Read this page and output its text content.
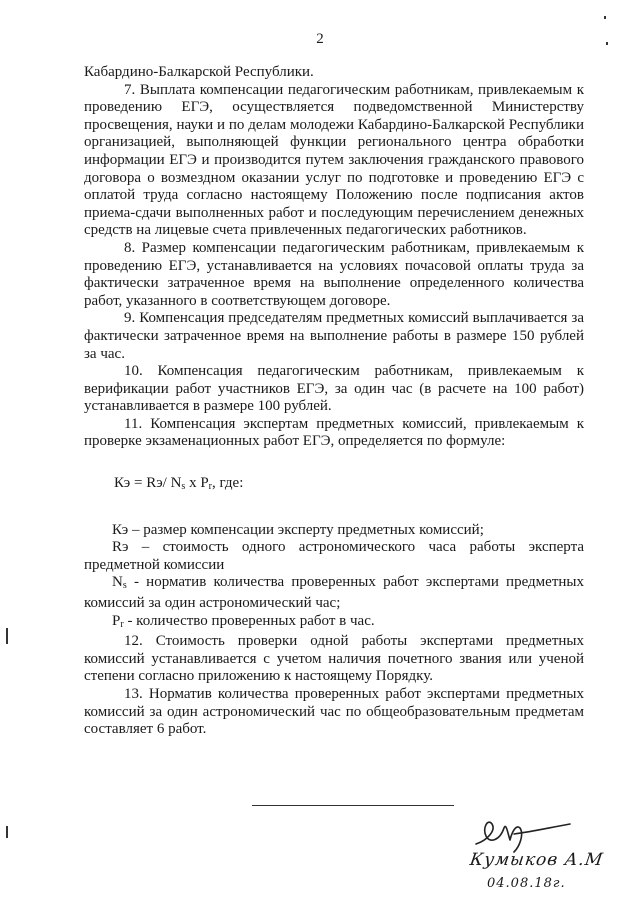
2

Кабардино-Балкарской Республики.

7. Выплата компенсации педагогическим работникам, привлекаемым к проведению ЕГЭ, осуществляется подведомственной Министерству просвещения, науки и по делам молодежи Кабардино-Балкарской Республики организацией, выполняющей функции регионального центра обработки информации ЕГЭ и производится путем заключения гражданского правового договора о возмездном оказании услуг по подготовке и проведению ЕГЭ с оплатой труда согласно настоящему Положению после подписания актов приема-сдачи выполненных работ и последующим перечислением денежных средств на лицевые счета привлеченных педагогических работников.

8. Размер компенсации педагогическим работникам, привлекаемым к проведению ЕГЭ, устанавливается на условиях почасовой оплаты труда за фактически затраченное время на выполнение определенного количества работ, указанного в соответствующем договоре.

9. Компенсация председателям предметных комиссий выплачивается за фактически затраченное время на выполнение работы в размере 150 рублей за час.

10. Компенсация педагогическим работникам, привлекаемым к верификации работ участников ЕГЭ, за один час (в расчете на 100 работ) устанавливается в размере 100 рублей.

11. Компенсация экспертам предметных комиссий, привлекаемым к проверке экзаменационных работ ЕГЭ, определяется по формуле:

Кэ = Rэ/ $N_s$ x $P_r$, где:

Кэ – размер компенсации эксперту предметных комиссий;

Rэ – стоимость одного астрономического часа работы эксперта предметной комиссии

$N_s$ - норматив количества проверенных работ экспертами предметных комиссий за один астрономический час;

$P_r$ - количество проверенных работ в час.

12. Стоимость проверки одной работы экспертами предметных комиссий устанавливается с учетом наличия почетного звания или ученой степени согласно приложению к настоящему Порядку.

13. Норматив количества проверенных работ экспертами предметных комиссий за один астрономический час по общеобразовательным предметам составляет 6 работ.

Кумыков А.М
04.08.18г.
